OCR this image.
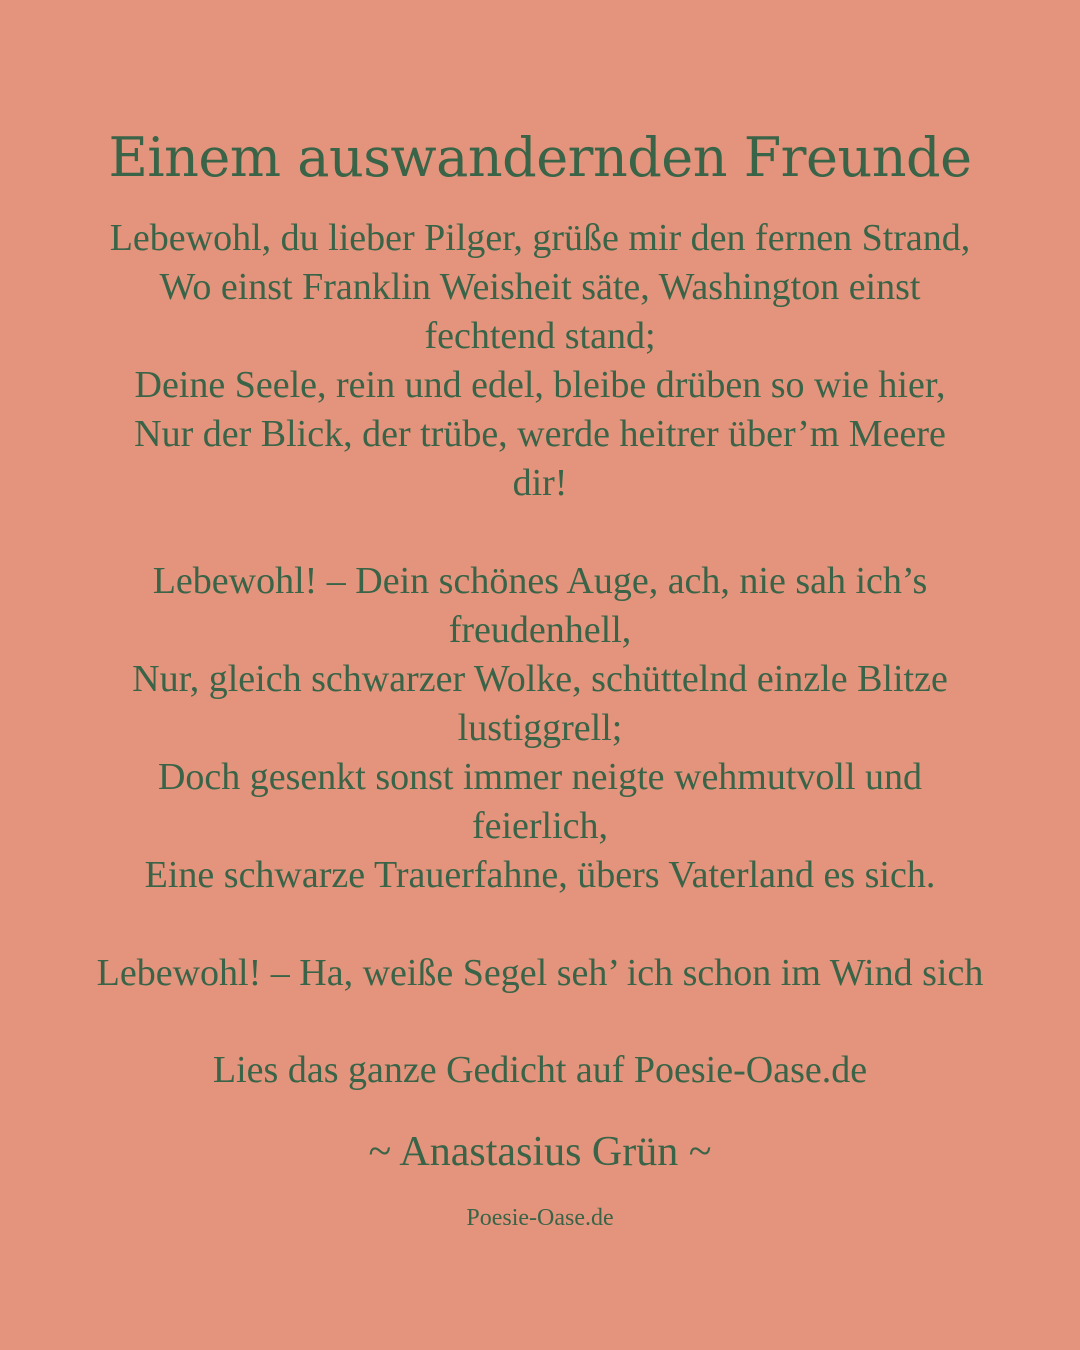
Einem auswandernden Freunde
Lebewohl, du lieber Pilger, grüße mir den fernen Strand,
Wo einst Franklin Weisheit säte, Washington einst
fechtend stand;
Deine Seele, rein und edel, bleibe drüben so wie hier,
Nur der Blick, der trübe, werde heitrer über’m Meere
dir!
Lebewohl! – Dein schönes Auge, ach, nie sah ich’s
freudenhell,
Nur, gleich schwarzer Wolke, schüttelnd einzle Blitze
lustiggrell;
Doch gesenkt sonst immer neigte wehmutvoll und
feierlich,
Eine schwarze Trauerfahne, übers Vaterland es sich.
Lebewohl! – Ha, weiße Segel seh’ ich schon im Wind sich
Lies das ganze Gedicht auf Poesie-Oase.de
~ Anastasius Grün ~
Poesie-Oase.de
